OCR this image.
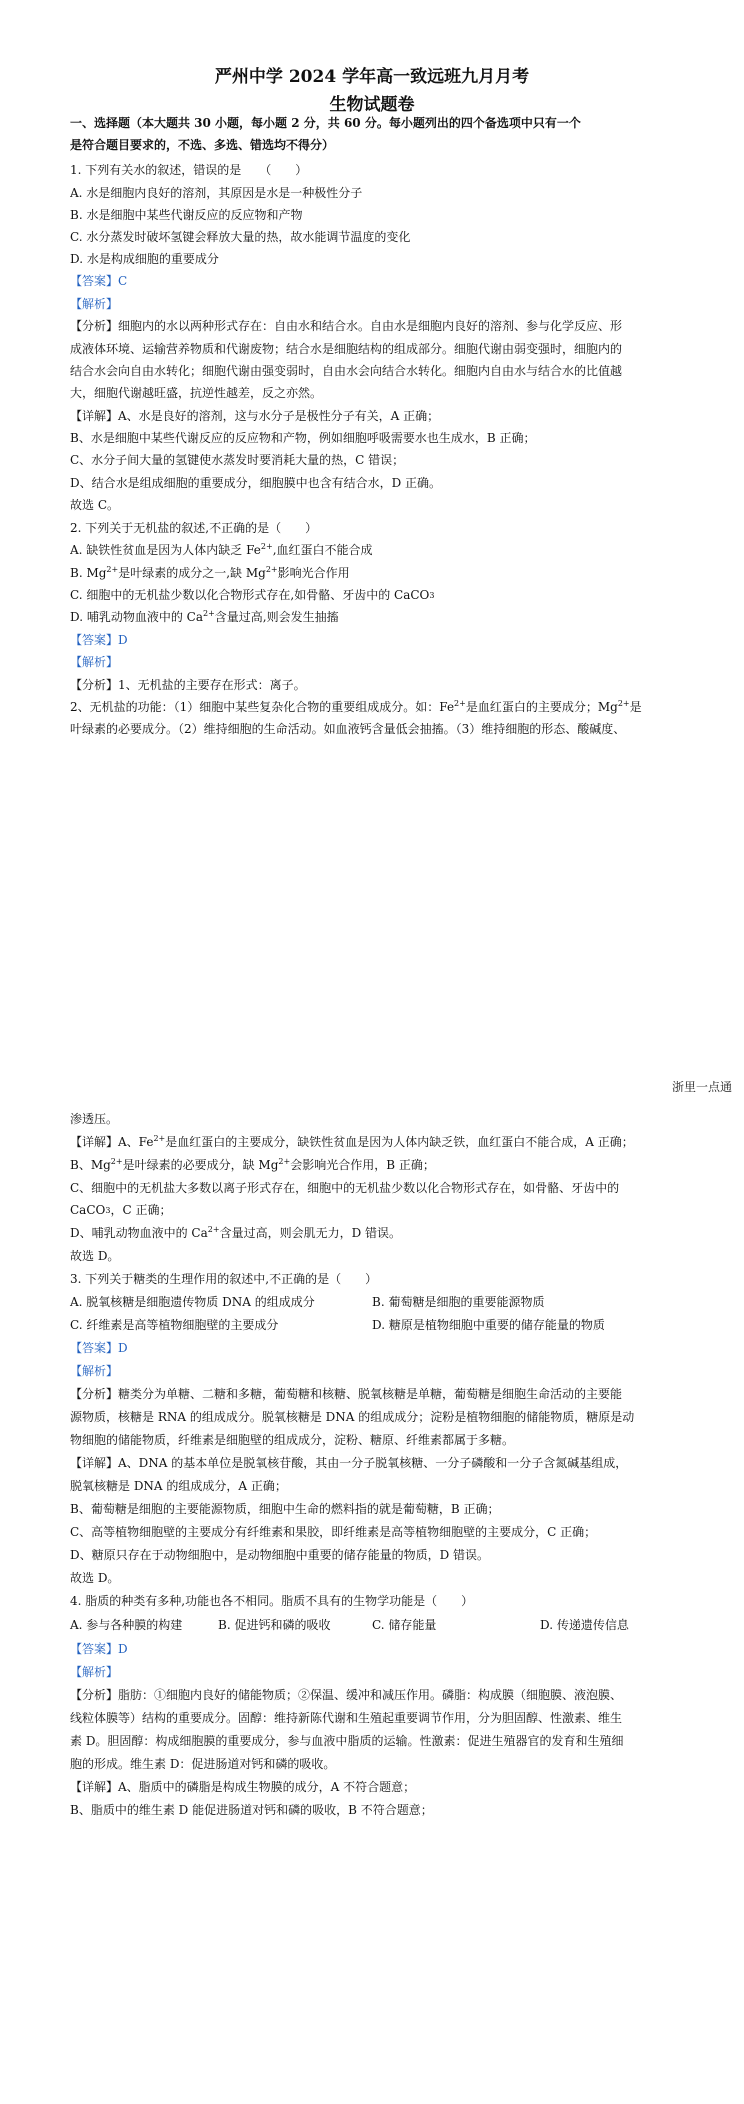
严州中学 2024 学年高一致远班九月月考
生物试题卷
一、选择题（本大题共 30 小题，每小题 2 分，共 60 分。每小题列出的四个备选项中只有一个
是符合题目要求的，不选、多选、错选均不得分）
1. 下列有关水的叙述，错误的是　　（　　）
A. 水是细胞内良好的溶剂，其原因是水是一种极性分子
B. 水是细胞中某些代谢反应的反应物和产物
C. 水分蒸发时破坏氢键会释放大量的热，故水能调节温度的变化
D. 水是构成细胞的重要成分
【答案】C
【解析】
【分析】细胞内的水以两种形式存在：自由水和结合水。自由水是细胞内良好的溶剂、参与化学反应、形
成液体环境、运输营养物质和代谢废物；结合水是细胞结构的组成部分。细胞代谢由弱变强时，细胞内的
结合水会向自由水转化；细胞代谢由强变弱时，自由水会向结合水转化。细胞内自由水与结合水的比值越
大，细胞代谢越旺盛，抗逆性越差，反之亦然。
【详解】A、水是良好的溶剂，这与水分子是极性分子有关，A 正确；
B、水是细胞中某些代谢反应的反应物和产物，例如细胞呼吸需要水也生成水，B 正确；
C、水分子间大量的氢键使水蒸发时要消耗大量的热，C 错误；
D、结合水是组成细胞的重要成分，细胞膜中也含有结合水，D 正确。
故选 C。
2. 下列关于无机盐的叙述,不正确的是（　　）
A. 缺铁性贫血是因为人体内缺乏 $Fe^{2+}$,血红蛋白不能合成
B. $Mg^{2+}$是叶绿素的成分之一,缺 $Mg^{2+}$影响光合作用
C. 细胞中的无机盐少数以化合物形式存在,如骨骼、牙齿中的 CaCO$_3$
D. 哺乳动物血液中的 $Ca^{2+}$含量过高,则会发生抽搐
【答案】D
【解析】
【分析】1、无机盐的主要存在形式：离子。
2、无机盐的功能：（1）细胞中某些复杂化合物的重要组成成分。如：$Fe^{2+}$是血红蛋白的主要成分；$Mg^{2+}$是
叶绿素的必要成分。（2）维持细胞的生命活动。如血液钙含量低会抽搐。（3）维持细胞的形态、酸碱度、
浙里一点通
渗透压。
【详解】A、$Fe^{2+}$是血红蛋白的主要成分，缺铁性贫血是因为人体内缺乏铁，血红蛋白不能合成，A 正确；
B、$Mg^{2+}$是叶绿素的必要成分，缺 $Mg^{2+}$会影响光合作用，B 正确；
C、细胞中的无机盐大多数以离子形式存在，细胞中的无机盐少数以化合物形式存在，如骨骼、牙齿中的
CaCO$_3$，C 正确；
D、哺乳动物血液中的 $Ca^{2+}$含量过高，则会肌无力，D 错误。
故选 D。
3. 下列关于糖类的生理作用的叙述中,不正确的是（　　）
A. 脱氧核糖是细胞遗传物质 DNA 的组成成分	B. 葡萄糖是细胞的重要能源物质
C. 纤维素是高等植物细胞壁的主要成分	D. 糖原是植物细胞中重要的储存能量的物质
【答案】D
【解析】
【分析】糖类分为单糖、二糖和多糖，葡萄糖和核糖、脱氧核糖是单糖，葡萄糖是细胞生命活动的主要能
源物质，核糖是 RNA 的组成成分。脱氧核糖是 DNA 的组成成分；淀粉是植物细胞的储能物质，糖原是动
物细胞的储能物质，纤维素是细胞壁的组成成分，淀粉、糖原、纤维素都属于多糖。
【详解】A、DNA 的基本单位是脱氧核苷酸，其由一分子脱氧核糖、一分子磷酸和一分子含氮碱基组成，
脱氧核糖是 DNA 的组成成分，A 正确；
B、葡萄糖是细胞的主要能源物质，细胞中生命的燃料指的就是葡萄糖，B 正确；
C、高等植物细胞壁的主要成分有纤维素和果胶，即纤维素是高等植物细胞壁的主要成分，C 正确；
D、糖原只存在于动物细胞中，是动物细胞中重要的储存能量的物质，D 错误。
故选 D。
4. 脂质的种类有多种,功能也各不相同。脂质不具有的生物学功能是（　　）
A. 参与各种膜的构建	B. 促进钙和磷的吸收	C. 储存能量	D. 传递遗传信息
【答案】D
【解析】
【分析】脂肪：①细胞内良好的储能物质；②保温、缓冲和减压作用。磷脂：构成膜（细胞膜、液泡膜、
线粒体膜等）结构的重要成分。固醇：维持新陈代谢和生殖起重要调节作用，分为胆固醇、性激素、维生
素 D。胆固醇：构成细胞膜的重要成分，参与血液中脂质的运输。性激素：促进生殖器官的发育和生殖细
胞的形成。维生素 D：促进肠道对钙和磷的吸收。
【详解】A、脂质中的磷脂是构成生物膜的成分，A 不符合题意；
B、脂质中的维生素 D 能促进肠道对钙和磷的吸收，B 不符合题意；
